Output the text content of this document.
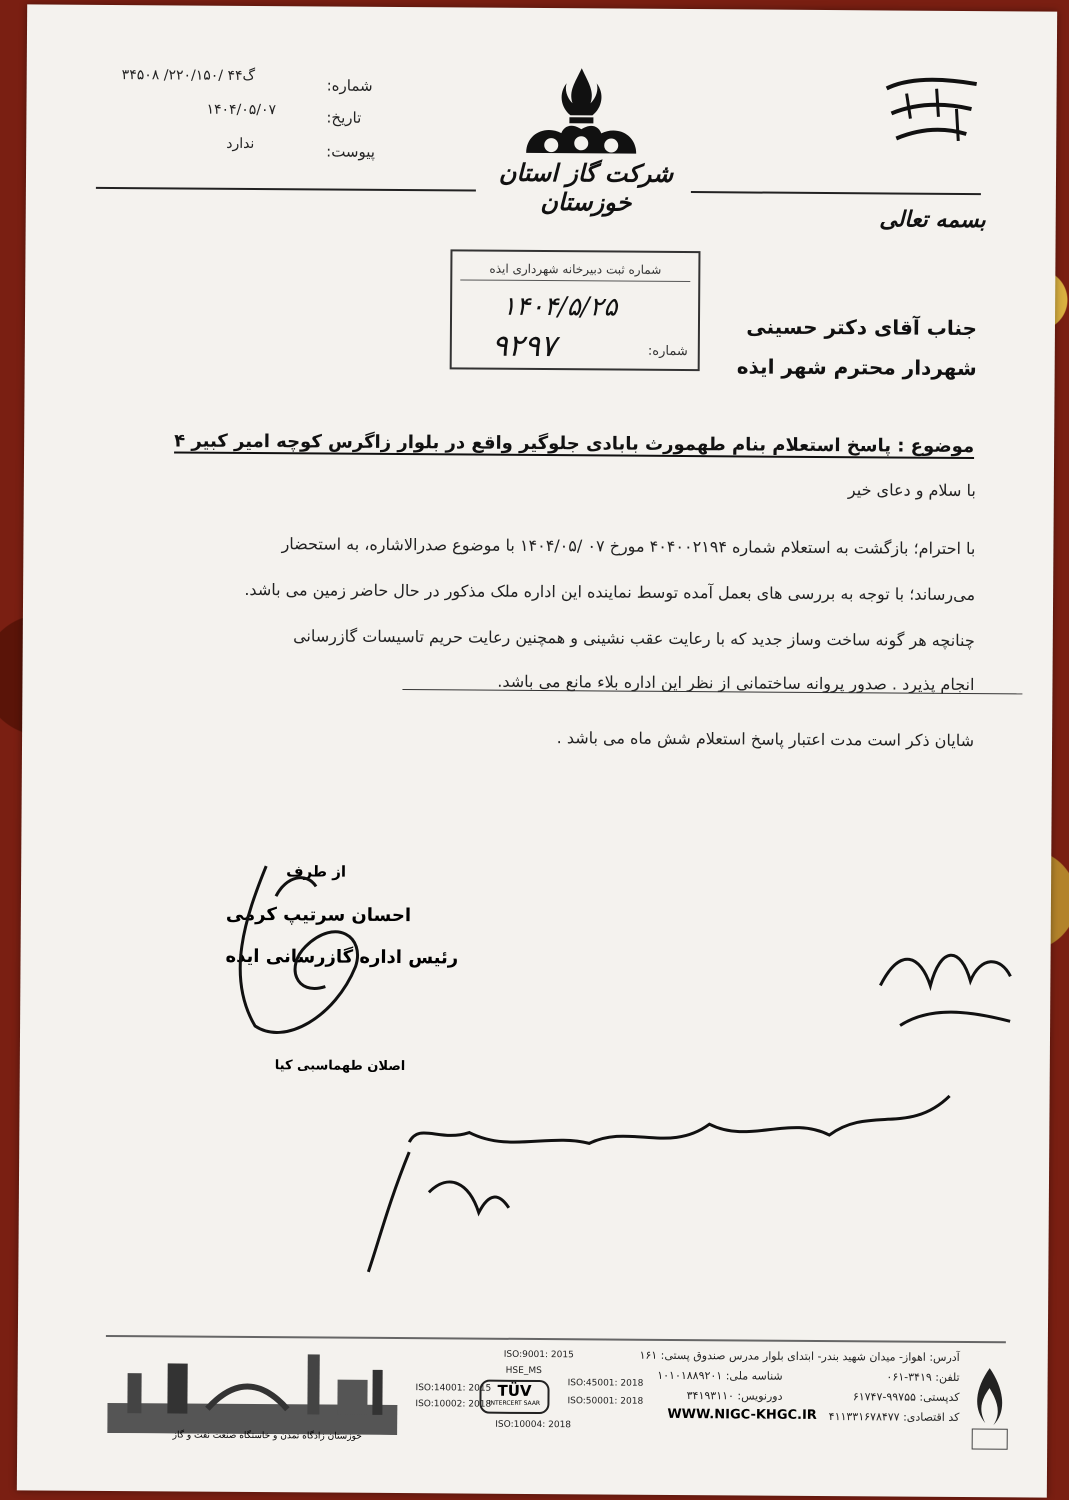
شماره:
گ۴۴ /۲۲۰/۱۵۰/ ۳۴۵۰۸
تاریخ:
۱۴۰۴/۰۵/۰۷
پیوست:
ندارد
شرکت گاز استان خوزستان
بسمه تعالی
شماره ثبت دبیرخانه شهرداری ایذه
۱۴۰۴/۵/۲۵
شماره:
۹۲۹۷
جناب آقای دکتر حسینی
شهردار محترم شهر ایذه
موضوع : پاسخ استعلام بنام طهمورث بابادی جلوگیر واقع در بلوار زاگرس کوچه امیر کبیر ۴
با سلام و دعای خیر
با احترام؛ بازگشت به استعلام شماره ۴۰۴۰۰۲۱۹۴ مورخ ۰۷ /۱۴۰۴/۰۵ با موضوع صدرالاشاره، به استحضار
می‌رساند؛ با توجه به بررسی های بعمل آمده توسط نماینده این اداره ملک مذکور در حال حاضر زمین می باشد.
چنانچه هر گونه ساخت وساز جدید که با رعایت عقب نشینی و همچنین رعایت حریم تاسیسات گازرسانی
انجام پذیرد . صدور پروانه ساختمانی از نظر این اداره بلاء مانع می باشد.
شایان ذکر است مدت اعتبار پاسخ استعلام شش ماه می باشد .
از طرف
احسان سرتیپ کرمی
رئیس اداره گازرسانی ایذه
اصلان طهماسبی کیا
خوزستان زادگاه تمدن و خاستگاه صنعت نفت و گاز
ISO:9001: 2015
HSE_MS
ISO:14001: 2015	ISO:45001: 2018
ISO:10002: 2018	ISO:50001: 2018
ISO:10004: 2018
TÜV
INTERCERT SAAR
آدرس: اهواز- میدان شهید بندر- ابتدای بلوار مدرس صندوق پستی: ۱۶۱
تلفن: ۳۴۱۹-۰۶۱
شناسه ملی: ۱۰۱۰۱۸۸۹۲۰۱
کدپستی: ۹۹۷۵۵-۶۱۷۴۷
دورنویس: ۳۴۱۹۳۱۱۰
کد اقتصادی: ۴۱۱۳۳۱۶۷۸۴۷۷
WWW.NIGC-KHGC.IR
